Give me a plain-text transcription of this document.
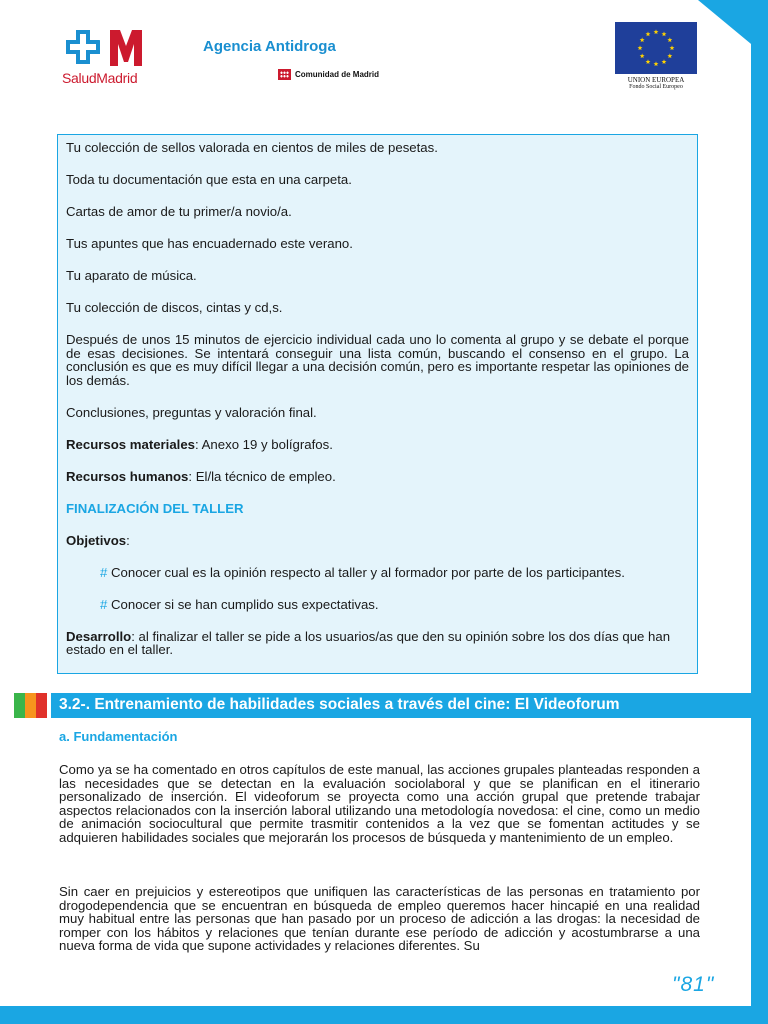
SaludMadrid
Agencia Antidroga
Comunidad de Madrid
UNION EUROPEA
Fondo Social Europeo

Tu colección de sellos valorada en cientos de miles de pesetas.

Toda tu documentación que esta en una carpeta.

Cartas de amor de tu primer/a novio/a.

Tus apuntes que has encuadernado este verano.

Tu aparato de música.

Tu colección de discos, cintas y cd,s.

Después de unos 15 minutos de ejercicio individual cada uno lo comenta al grupo y se debate el porque de esas decisiones. Se intentará conseguir una lista común, buscando el consenso en el grupo. La conclusión es que es muy difícil llegar a una decisión común, pero es importante respetar las opiniones de los demás.

Conclusiones, preguntas y valoración final.

Recursos materiales: Anexo 19 y bolígrafos.

Recursos humanos: El/la técnico de empleo.

FINALIZACIÓN DEL TALLER

Objetivos:

# Conocer cual es la opinión respecto al taller y al formador por parte de los participantes.

# Conocer si se han cumplido sus expectativas.

Desarrollo: al finalizar el taller se pide a los usuarios/as que den su opinión sobre los dos días que han estado en el taller.

3.2-. Entrenamiento de habilidades sociales a través del cine: El Videoforum
a. Fundamentación

Como ya se ha comentado en otros capítulos de este manual, las acciones grupales planteadas responden a las necesidades que se detectan en la evaluación sociolaboral y que se planifican en el itinerario personalizado de inserción. El videoforum se proyecta como una acción grupal que pretende trabajar aspectos relacionados con la inserción laboral utilizando una metodología novedosa: el cine, como un medio de animación sociocultural que permite trasmitir contenidos a la vez que se fomentan actitudes y se adquieren habilidades sociales que mejorarán los procesos de búsqueda y mantenimiento de un empleo.

Sin caer en prejuicios y estereotipos que unifiquen las características de las personas en tratamiento por drogodependencia que se encuentran en búsqueda de empleo queremos hacer hincapié en una realidad muy habitual entre las personas que han pasado por un proceso de adicción a las drogas: la necesidad de romper con los hábitos y relaciones que tenían durante ese período de adicción y acostumbrarse a una nueva forma de vida que supone actividades y relaciones diferentes. Su

"81"
